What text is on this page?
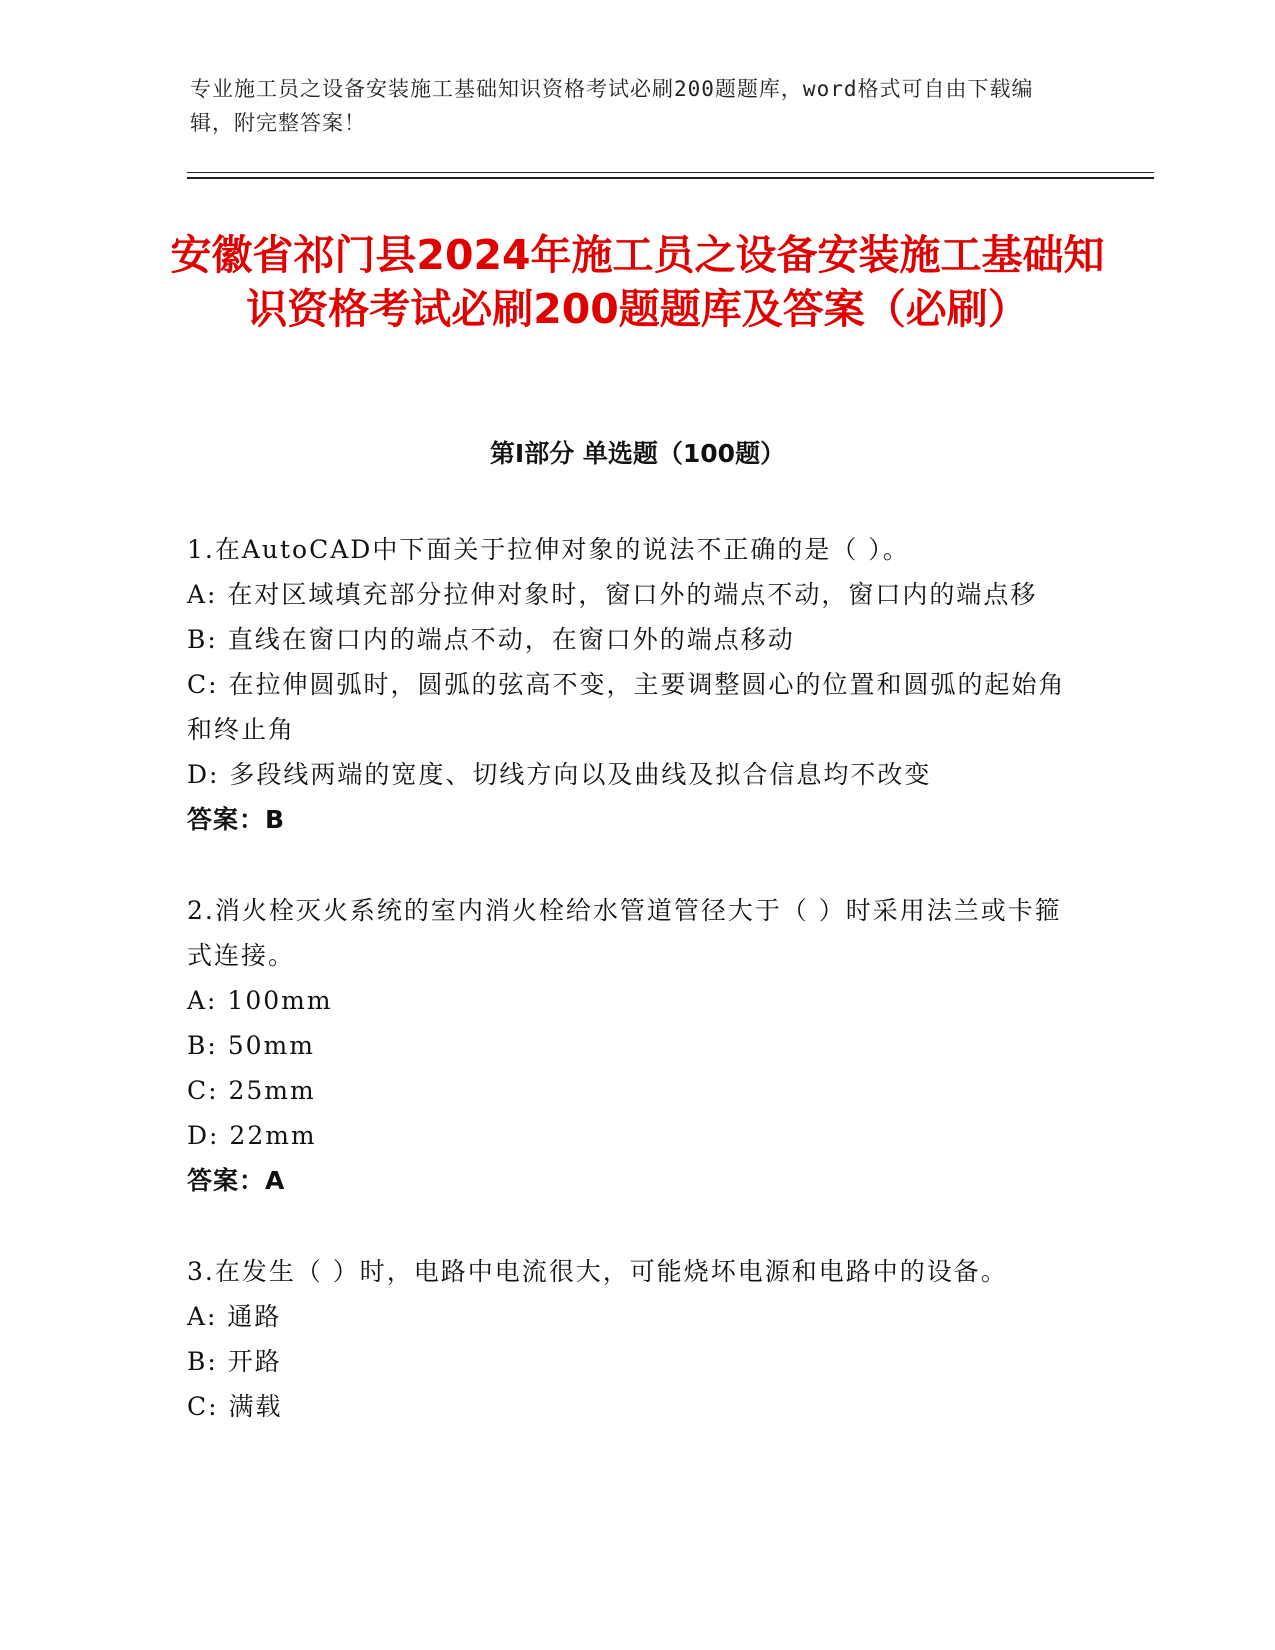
专业施工员之设备安装施工基础知识资格考试必刷200题题库，word格式可自由下载编辑，附完整答案！
安徽省祁门县2024年施工员之设备安装施工基础知识资格考试必刷200题题库及答案（必刷）
第Ⅰ部分 单选题（100题）
1.在AutoCAD中下面关于拉伸对象的说法不正确的是（ ）。
A: 在对区域填充部分拉伸对象时，窗口外的端点不动，窗口内的端点移
B: 直线在窗口内的端点不动，在窗口外的端点移动
C: 在拉伸圆弧时，圆弧的弦高不变，主要调整圆心的位置和圆弧的起始角和终止角
D: 多段线两端的宽度、切线方向以及曲线及拟合信息均不改变
答案：B
2.消火栓灭火系统的室内消火栓给水管道管径大于（ ）时采用法兰或卡箍式连接。
A: 100mm
B: 50mm
C: 25mm
D: 22mm
答案：A
3.在发生（ ）时，电路中电流很大，可能烧坏电源和电路中的设备。
A: 通路
B: 开路
C: 满载
